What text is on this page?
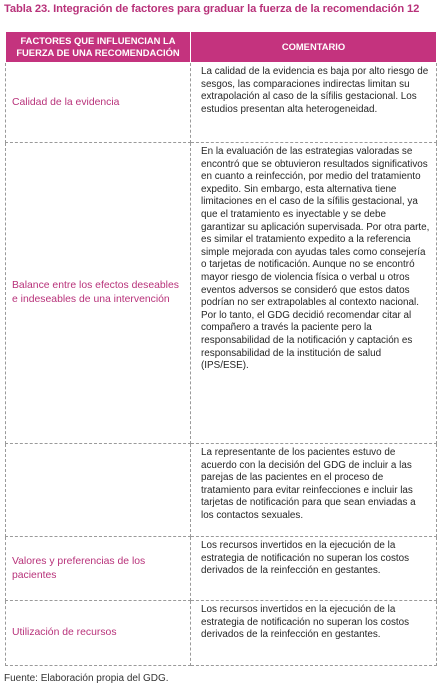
Tabla 23. Integración de factores para graduar la fuerza de la recomendación 12
FACTORES QUE INFLUENCIAN LA FUERZA DE UNA RECOMENDACIÓN	COMENTARIO
Calidad de la evidencia	La calidad de la evidencia es baja por alto riesgo de sesgos, las comparaciones indirectas limitan su extrapolación al caso de la sífilis gestacional. Los estudios presentan alta heterogeneidad.
Balance entre los efectos deseables e indeseables de una intervención	En la evaluación de las estrategias valoradas se encontró que se obtuvieron resultados significativos en cuanto a reinfección, por medio del tratamiento expedito. Sin embargo, esta alternativa tiene limitaciones en el caso de la sífilis gestacional, ya que el tratamiento es inyectable y se debe garantizar su aplicación supervisada. Por otra parte, es similar el tratamiento expedito a la referencia simple mejorada con ayudas tales como consejería o tarjetas de notificación. Aunque no se encontró mayor riesgo de violencia física o verbal u otros eventos adversos se consideró que estos datos podrían no ser extrapolables al contexto nacional. Por lo tanto, el GDG decidió recomendar citar al compañero a través la paciente pero la responsabilidad de la notificación y captación es responsabilidad de la institución de salud (IPS/ESE).
	La representante de los pacientes estuvo de acuerdo con la decisión del GDG de incluir a las parejas de las pacientes en el proceso de tratamiento para evitar reinfecciones e incluir las tarjetas de notificación para que sean enviadas a los contactos sexuales.
Valores y preferencias de los pacientes	Los recursos invertidos en la ejecución de la estrategia de notificación no superan los costos derivados de la reinfección en gestantes.
Utilización de recursos	Los recursos invertidos en la ejecución de la estrategia de notificación no superan los costos derivados de la reinfección en gestantes.
Fuente: Elaboración propia del GDG.
